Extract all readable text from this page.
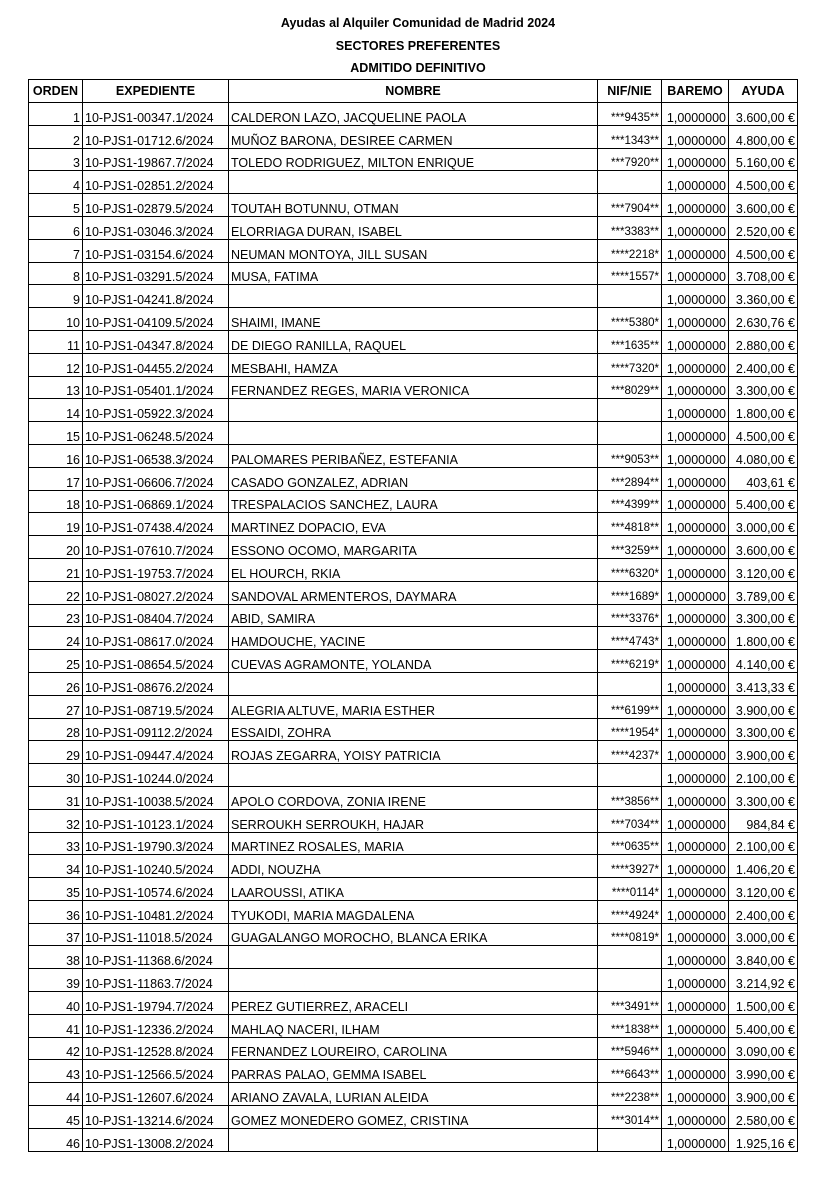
Ayudas al Alquiler Comunidad de Madrid 2024
SECTORES PREFERENTES
ADMITIDO DEFINITIVO
ORDEN	EXPEDIENTE	NOMBRE	NIF/NIE	BAREMO	AYUDA
1	10-PJS1-00347.1/2024	CALDERON LAZO, JACQUELINE PAOLA	***9435**	1,0000000	3.600,00 €
2	10-PJS1-01712.6/2024	MUÑOZ BARONA, DESIREE CARMEN	***1343**	1,0000000	4.800,00 €
3	10-PJS1-19867.7/2024	TOLEDO RODRIGUEZ, MILTON ENRIQUE	***7920**	1,0000000	5.160,00 €
4	10-PJS1-02851.2/2024			1,0000000	4.500,00 €
5	10-PJS1-02879.5/2024	TOUTAH BOTUNNU, OTMAN	***7904**	1,0000000	3.600,00 €
6	10-PJS1-03046.3/2024	ELORRIAGA DURAN, ISABEL	***3383**	1,0000000	2.520,00 €
7	10-PJS1-03154.6/2024	NEUMAN MONTOYA, JILL SUSAN	****2218*	1,0000000	4.500,00 €
8	10-PJS1-03291.5/2024	MUSA, FATIMA	****1557*	1,0000000	3.708,00 €
9	10-PJS1-04241.8/2024			1,0000000	3.360,00 €
10	10-PJS1-04109.5/2024	SHAIMI, IMANE	****5380*	1,0000000	2.630,76 €
11	10-PJS1-04347.8/2024	DE DIEGO RANILLA, RAQUEL	***1635**	1,0000000	2.880,00 €
12	10-PJS1-04455.2/2024	MESBAHI, HAMZA	****7320*	1,0000000	2.400,00 €
13	10-PJS1-05401.1/2024	FERNANDEZ REGES, MARIA VERONICA	***8029**	1,0000000	3.300,00 €
14	10-PJS1-05922.3/2024			1,0000000	1.800,00 €
15	10-PJS1-06248.5/2024			1,0000000	4.500,00 €
16	10-PJS1-06538.3/2024	PALOMARES PERIBAÑEZ, ESTEFANIA	***9053**	1,0000000	4.080,00 €
17	10-PJS1-06606.7/2024	CASADO GONZALEZ, ADRIAN	***2894**	1,0000000	403,61 €
18	10-PJS1-06869.1/2024	TRESPALACIOS SANCHEZ, LAURA	***4399**	1,0000000	5.400,00 €
19	10-PJS1-07438.4/2024	MARTINEZ DOPACIO, EVA	***4818**	1,0000000	3.000,00 €
20	10-PJS1-07610.7/2024	ESSONO OCOMO, MARGARITA	***3259**	1,0000000	3.600,00 €
21	10-PJS1-19753.7/2024	EL HOURCH, RKIA	****6320*	1,0000000	3.120,00 €
22	10-PJS1-08027.2/2024	SANDOVAL ARMENTEROS, DAYMARA	****1689*	1,0000000	3.789,00 €
23	10-PJS1-08404.7/2024	ABID, SAMIRA	****3376*	1,0000000	3.300,00 €
24	10-PJS1-08617.0/2024	HAMDOUCHE, YACINE	****4743*	1,0000000	1.800,00 €
25	10-PJS1-08654.5/2024	CUEVAS AGRAMONTE, YOLANDA	****6219*	1,0000000	4.140,00 €
26	10-PJS1-08676.2/2024			1,0000000	3.413,33 €
27	10-PJS1-08719.5/2024	ALEGRIA ALTUVE, MARIA ESTHER	***6199**	1,0000000	3.900,00 €
28	10-PJS1-09112.2/2024	ESSAIDI, ZOHRA	****1954*	1,0000000	3.300,00 €
29	10-PJS1-09447.4/2024	ROJAS ZEGARRA, YOISY PATRICIA	****4237*	1,0000000	3.900,00 €
30	10-PJS1-10244.0/2024			1,0000000	2.100,00 €
31	10-PJS1-10038.5/2024	APOLO CORDOVA, ZONIA IRENE	***3856**	1,0000000	3.300,00 €
32	10-PJS1-10123.1/2024	SERROUKH SERROUKH, HAJAR	***7034**	1,0000000	984,84 €
33	10-PJS1-19790.3/2024	MARTINEZ ROSALES, MARIA	***0635**	1,0000000	2.100,00 €
34	10-PJS1-10240.5/2024	ADDI, NOUZHA	****3927*	1,0000000	1.406,20 €
35	10-PJS1-10574.6/2024	LAAROUSSI, ATIKA	****0114*	1,0000000	3.120,00 €
36	10-PJS1-10481.2/2024	TYUKODI, MARIA MAGDALENA	****4924*	1,0000000	2.400,00 €
37	10-PJS1-11018.5/2024	GUAGALANGO MOROCHO, BLANCA ERIKA	****0819*	1,0000000	3.000,00 €
38	10-PJS1-11368.6/2024			1,0000000	3.840,00 €
39	10-PJS1-11863.7/2024			1,0000000	3.214,92 €
40	10-PJS1-19794.7/2024	PEREZ GUTIERREZ, ARACELI	***3491**	1,0000000	1.500,00 €
41	10-PJS1-12336.2/2024	MAHLAQ NACERI, ILHAM	***1838**	1,0000000	5.400,00 €
42	10-PJS1-12528.8/2024	FERNANDEZ LOUREIRO, CAROLINA	***5946**	1,0000000	3.090,00 €
43	10-PJS1-12566.5/2024	PARRAS PALAO, GEMMA ISABEL	***6643**	1,0000000	3.990,00 €
44	10-PJS1-12607.6/2024	ARIANO ZAVALA, LURIAN ALEIDA	***2238**	1,0000000	3.900,00 €
45	10-PJS1-13214.6/2024	GOMEZ MONEDERO GOMEZ, CRISTINA	***3014**	1,0000000	2.580,00 €
46	10-PJS1-13008.2/2024			1,0000000	1.925,16 €
